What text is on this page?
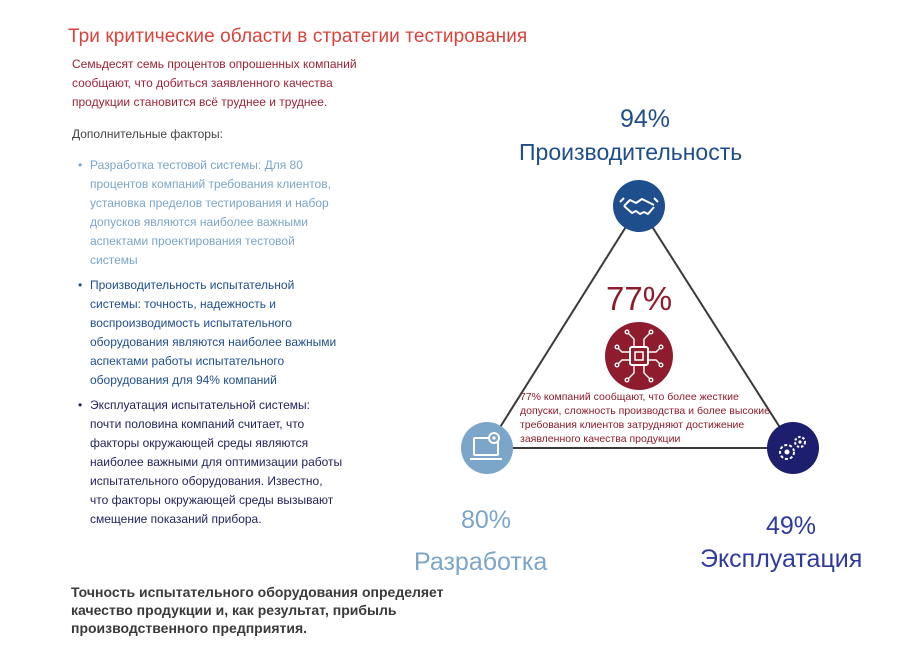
Три критические области в стратегии тестирования
Семьдесят семь процентов опрошенных компаний сообщают, что добиться заявленного качества продукции становится всё труднее и труднее.
Дополнительные факторы:
• Разработка тестовой системы: Для 80 процентов компаний требования клиентов, установка пределов тестирования и набор допусков являются наиболее важными аспектами проектирования тестовой системы
• Производительность испытательной системы: точность, надежность и воспроизводимость испытательного оборудования являются наиболее важными аспектами работы испытательного оборудования для 94% компаний
• Эксплуатация испытательной системы: почти половина компаний считает, что факторы окружающей среды являются наиболее важными для оптимизации работы испытательного оборудования. Известно, что факторы окружающей среды вызывают смещение показаний прибора.
Точность испытательного оборудования определяет качество продукции и, как результат, прибыль производственного предприятия.
94%
Производительность
77%
77% компаний сообщают, что более жесткие допуски, сложность производства и более высокие требования клиентов затрудняют достижение заявленного качества продукции
80%
Разработка
49%
Эксплуатация
